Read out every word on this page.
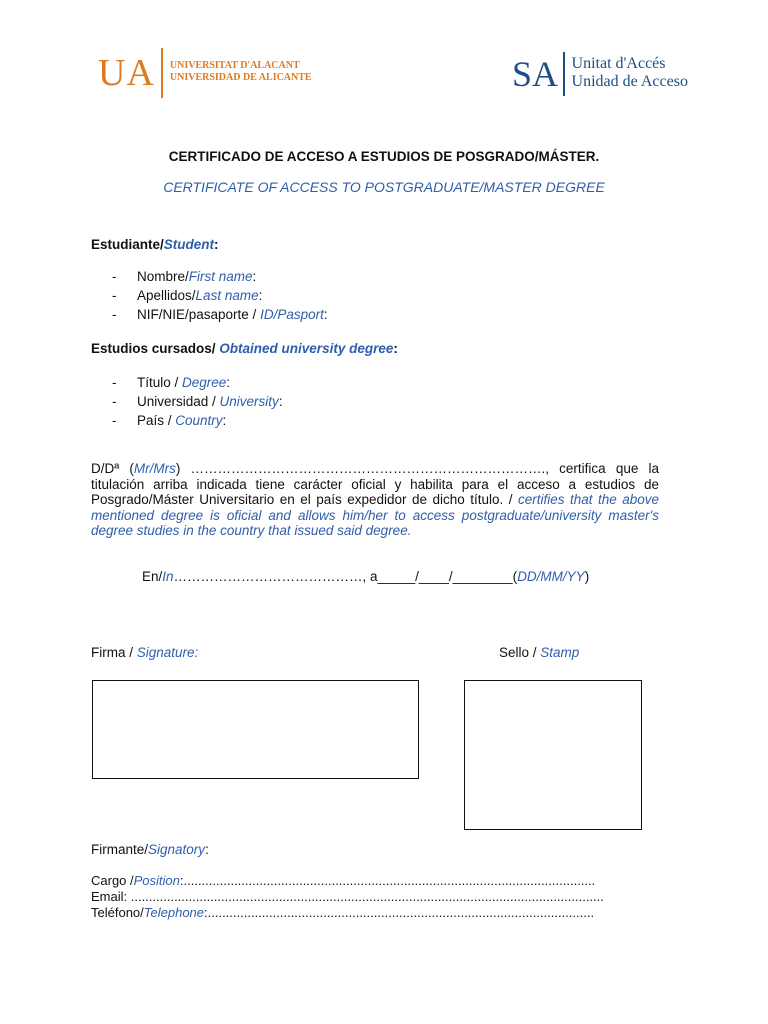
UA UNIVERSITAT D'ALACANT
UNIVERSIDAD DE ALICANTE	SA Unitat d'Accés
Unidad de Acceso
CERTIFICADO DE ACCESO A ESTUDIOS DE POSGRADO/MÁSTER.
CERTIFICATE OF ACCESS TO POSTGRADUATE/MASTER DEGREE
Estudiante/Student:
- Nombre/First name:
- Apellidos/Last name:
- NIF/NIE/pasaporte / ID/Pasport:
Estudios cursados/ Obtained university degree:
- Título / Degree:
- Universidad / University:
- País / Country:
D/Dª (Mr/Mrs) ……………………………………………………………………., certifica que la titulación arriba indicada tiene carácter oficial y habilita para el acceso a estudios de Posgrado/Máster Universitario en el país expedidor de dicho título. / certifies that the above mentioned degree is oficial and allows him/her to access postgraduate/university master's degree studies in the country that issued said degree.
En/In……………………………………, a_____/____/________(DD/MM/YY)
Firma / Signature:	Sello / Stamp
Firmante/Signatory:
Cargo /Position:..................................................................................................................
Email: ...................................................................................................................................
Teléfono/Telephone:...........................................................................................................
